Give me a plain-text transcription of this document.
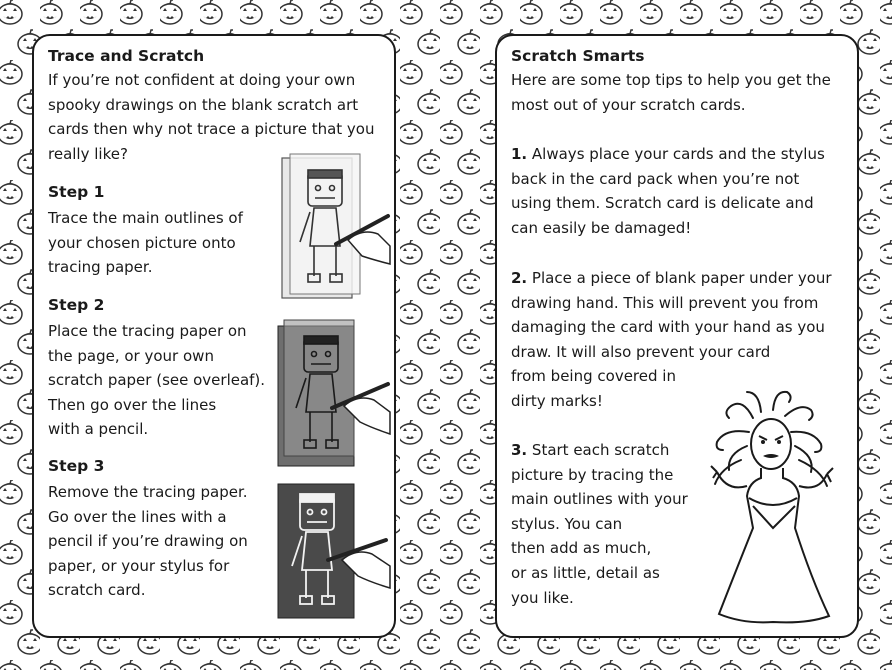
Trace and Scratch
If you’re not confident at doing your own spooky drawings on the blank scratch art cards then why not trace a picture that you really like?
Step 1
Trace the main outlines of
your chosen picture onto
tracing paper.
Step 2
Place the tracing paper on
the page, or your own
scratch paper (see overleaf).
Then go over the lines
with a pencil.
Step 3
Remove the tracing paper.
Go over the lines with a
pencil if you’re drawing on
paper, or your stylus for
scratch card.
Scratch Smarts
Here are some top tips to help you get the most out of your scratch cards.
1. Always place your cards and the stylus back in the card pack when you’re not using them. Scratch card is delicate and can easily be damaged!
2. Place a piece of blank paper under your drawing hand. This will prevent you from damaging the card with your hand as you draw. It will also prevent your card
from being covered in
dirty marks!
3. Start each scratch
picture by tracing the
main outlines with your
stylus. You can
then add as much,
or as little, detail as
you like.
